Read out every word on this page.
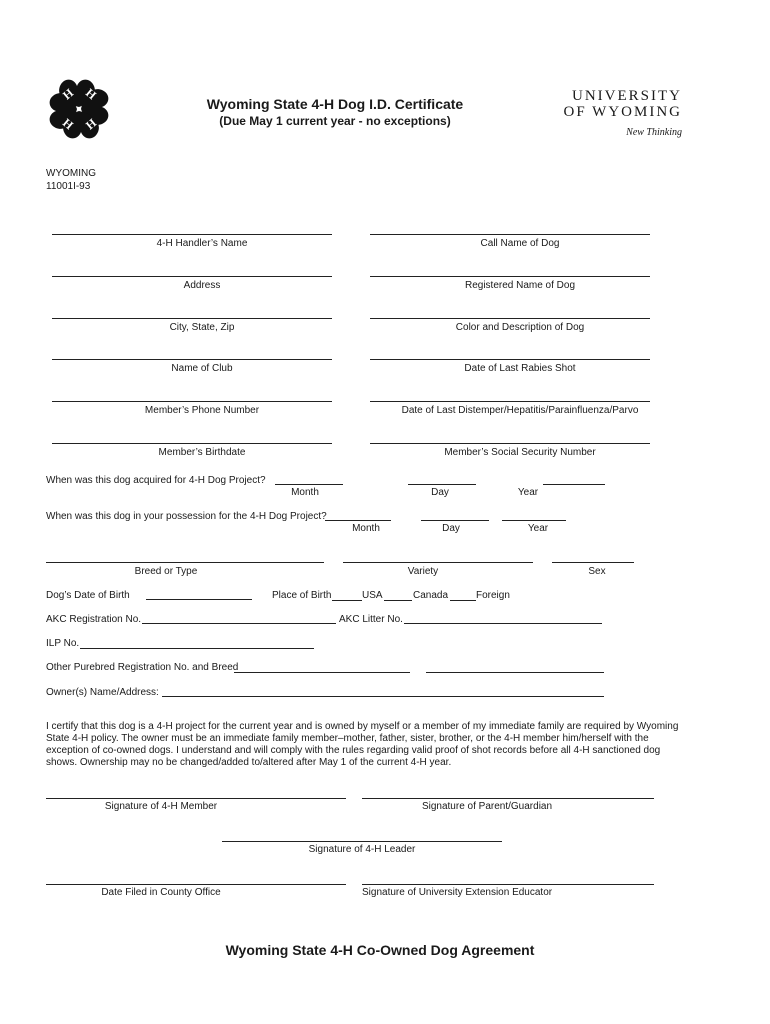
H H
H H
Wyoming State 4-H Dog I.D. Certificate
(Due May 1 current year - no exceptions)
UNIVERSITY
OF WYOMING
New Thinking
WYOMING
11001I-93
4-H Handler’s Name	Call Name of Dog
Address	Registered Name of Dog
City, State, Zip	Color and Description of Dog
Name of Club	Date of Last Rabies Shot
Member’s Phone Number	Date of Last Distemper/Hepatitis/Parainfluenza/Parvo
Member’s Birthdate	Member’s Social Security Number
When was this dog acquired for 4-H Dog Project?
Month	Day	Year
When was this dog in your possession for the 4-H Dog Project?
Month	Day	Year
Breed or Type	Variety	Sex
Dog’s Date of Birth	Place of Birth	USA	Canada	Foreign
AKC Registration No.	AKC Litter No.
ILP No.
Other Purebred Registration No. and Breed
Owner(s) Name/Address:
I certify that this dog is a 4-H project for the current year and is owned by myself or a member of my immediate family are required by Wyoming State 4-H policy. The owner must be an immediate family member–mother, father, sister, brother, or the 4-H member him/herself with the exception of co-owned dogs. I understand and will comply with the rules regarding valid proof of shot records before all 4-H sanctioned dog shows. Ownership may no be changed/added to/altered after May 1 of the current 4-H year.
Signature of 4-H Member	Signature of Parent/Guardian
Signature of 4-H Leader
Date Filed in County Office	Signature of University Extension Educator
Wyoming State 4-H Co-Owned Dog Agreement
